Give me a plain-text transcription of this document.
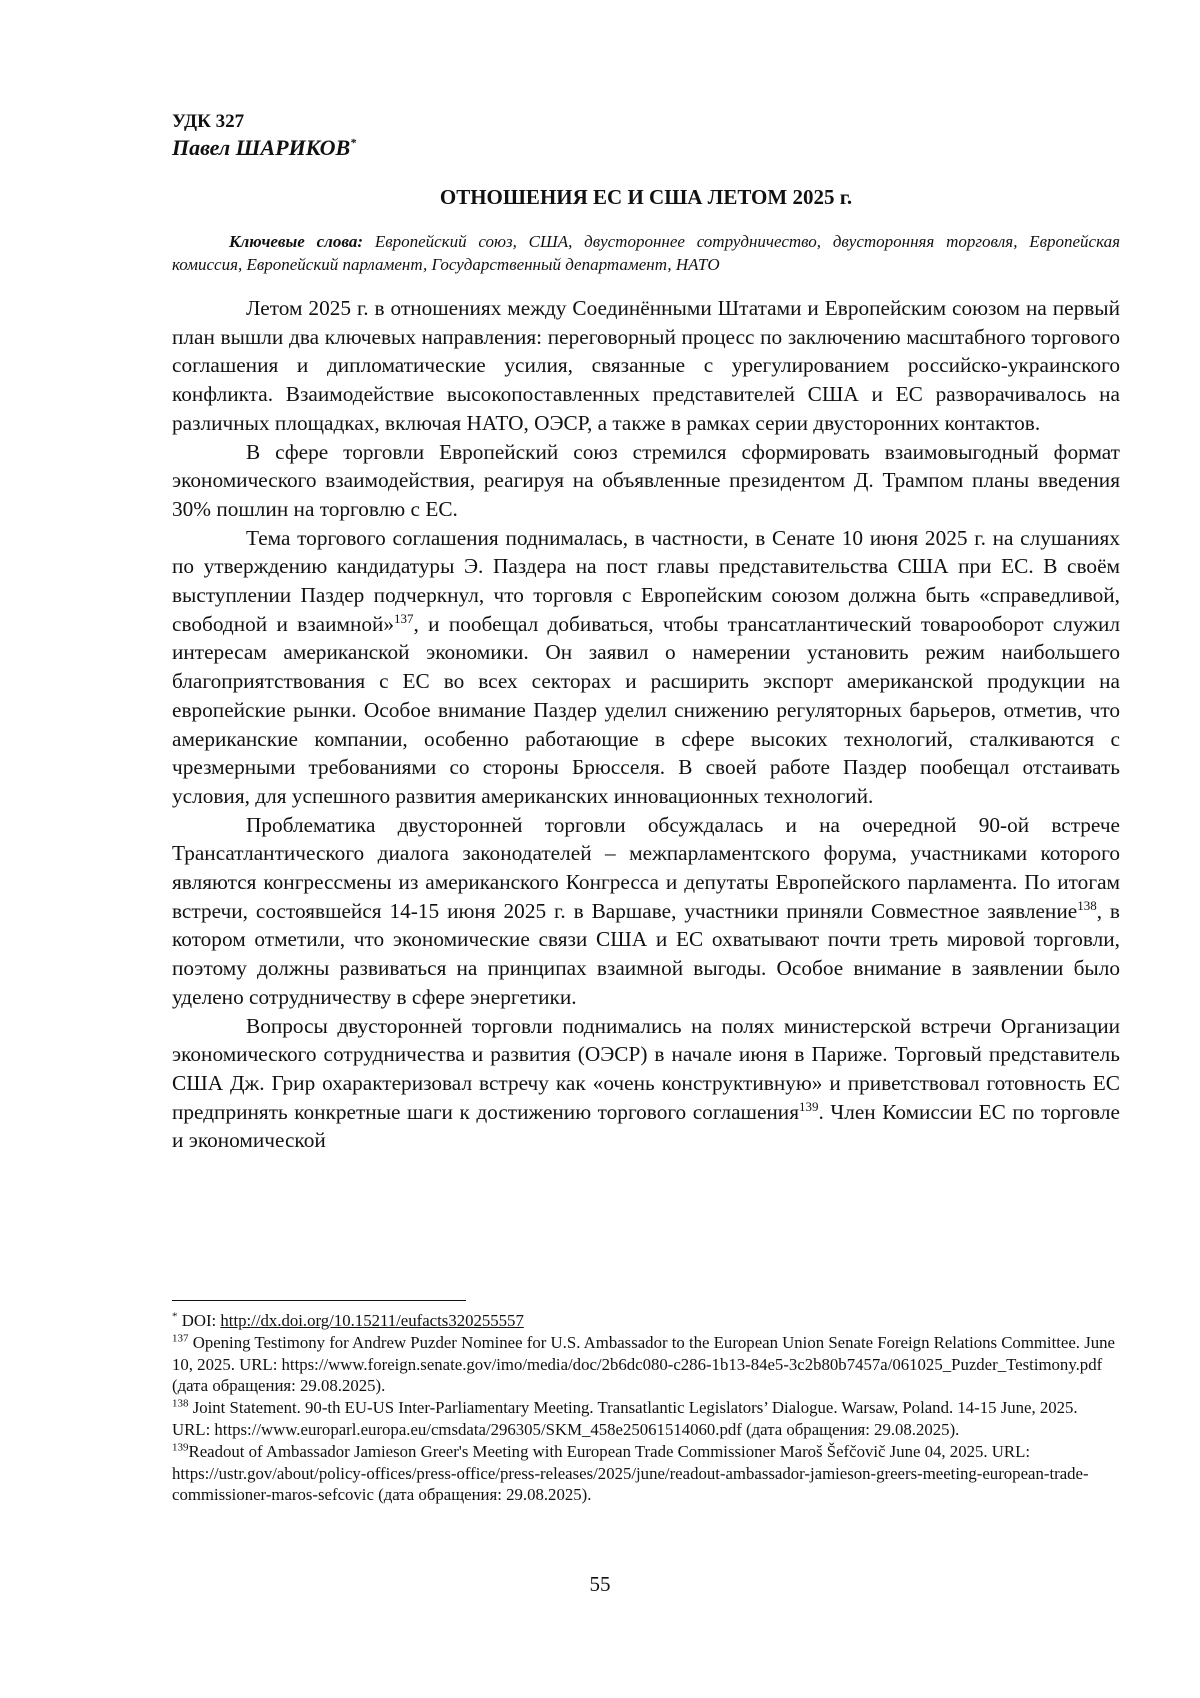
УДК 327
Павел ШАРИКОВ*
ОТНОШЕНИЯ ЕС И США ЛЕТОМ 2025 г.
Ключевые слова: Европейский союз, США, двустороннее сотрудничество, двусторонняя торговля, Европейская комиссия, Европейский парламент, Государственный департамент, НАТО

Летом 2025 г. в отношениях между Соединёнными Штатами и Европейским союзом на первый план вышли два ключевых направления: переговорный процесс по заключению масштабного торгового соглашения и дипломатические усилия, связанные с урегулированием российско-украинского конфликта. Взаимодействие высокопоставленных представителей США и ЕС разворачивалось на различных площадках, включая НАТО, ОЭСР, а также в рамках серии двусторонних контактов.

В сфере торговли Европейский союз стремился сформировать взаимовыгодный формат экономического взаимодействия, реагируя на объявленные президентом Д. Трампом планы введения 30% пошлин на торговлю с ЕС.

Тема торгового соглашения поднималась, в частности, в Сенате 10 июня 2025 г. на слушаниях по утверждению кандидатуры Э. Паздера на пост главы представительства США при ЕС. В своём выступлении Паздер подчеркнул, что торговля с Европейским союзом должна быть «справедливой, свободной и взаимной»$^{137}$, и пообещал добиваться, чтобы трансатлантический товарооборот служил интересам американской экономики. Он заявил о намерении установить режим наибольшего благоприятствования с ЕС во всех секторах и расширить экспорт американской продукции на европейские рынки. Особое внимание Паздер уделил снижению регуляторных барьеров, отметив, что американские компании, особенно работающие в сфере высоких технологий, сталкиваются с чрезмерными требованиями со стороны Брюсселя. В своей работе Паздер пообещал отстаивать условия, для успешного развития американских инновационных технологий.

Проблематика двусторонней торговли обсуждалась и на очередной 90-ой встрече Трансатлантического диалога законодателей – межпарламентского форума, участниками которого являются конгрессмены из американского Конгресса и депутаты Европейского парламента. По итогам встречи, состоявшейся 14-15 июня 2025 г. в Варшаве, участники приняли Совместное заявление$^{138}$, в котором отметили, что экономические связи США и ЕС охватывают почти треть мировой торговли, поэтому должны развиваться на принципах взаимной выгоды. Особое внимание в заявлении было уделено сотрудничеству в сфере энергетики.

Вопросы двусторонней торговли поднимались на полях министерской встречи Организации экономического сотрудничества и развития (ОЭСР) в начале июня в Париже. Торговый представитель США Дж. Грир охарактеризовал встречу как «очень конструктивную» и приветствовал готовность ЕС предпринять конкретные шаги к достижению торгового соглашения$^{139}$. Член Комиссии ЕС по торговле и экономической

* DOI: http://dx.doi.org/10.15211/eufacts320255557

$^{137}$ Opening Testimony for Andrew Puzder Nominee for U.S. Ambassador to the European Union Senate Foreign Relations Committee. June 10, 2025. URL: https://www.foreign.senate.gov/imo/media/doc/2b6dc080-c286-1b13-84e5-3c2b80b7457a/061025_Puzder_Testimony.pdf (дата обращения: 29.08.2025).

$^{138}$ Joint Statement. 90-th EU-US Inter-Parliamentary Meeting. Transatlantic Legislators’ Dialogue. Warsaw, Poland. 14-15 June, 2025. URL: https://www.europarl.europa.eu/cmsdata/296305/SKM_458e25061514060.pdf (дата обращения: 29.08.2025).

$^{139}$Readout of Ambassador Jamieson Greer's Meeting with European Trade Commissioner Maroš Šefčovič June 04, 2025. URL: https://ustr.gov/about/policy-offices/press-office/press-releases/2025/june/readout-ambassador-jamieson-greers-meeting-european-trade-commissioner-maros-sefcovic (дата обращения: 29.08.2025).

55
